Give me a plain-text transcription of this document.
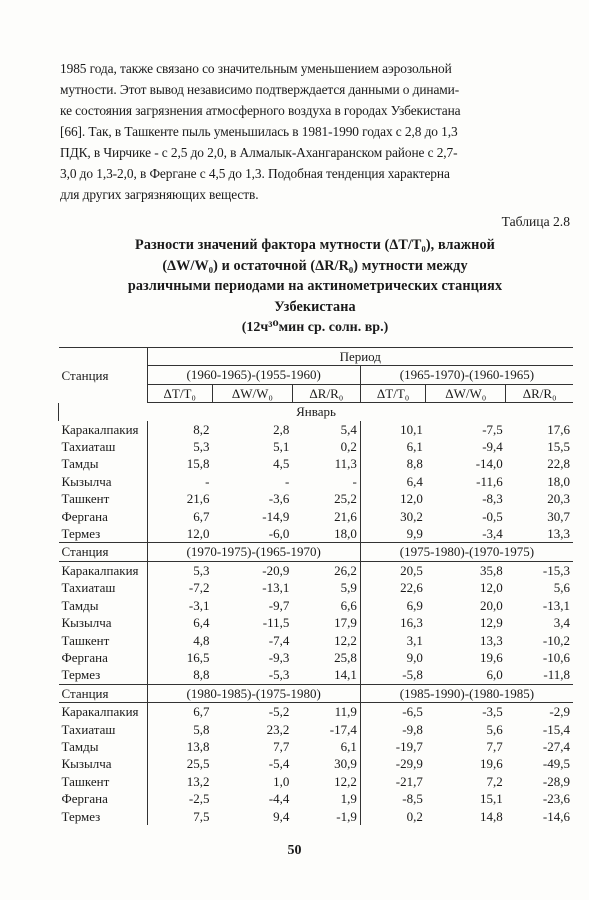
1985 года, также связано со значительным уменьшением аэрозольной
мутности. Этот вывод независимо подтверждается данными о динами-
ке состояния загрязнения атмосферного воздуха в городах Узбекистана
[66]. Так, в Ташкенте пыль уменьшилась в 1981-1990 годах с 2,8 до 1,3
ПДК, в Чирчике - с 2,5 до 2,0, в Алмалык-Ахангаранском районе с 2,7-
3,0 до 1,3-2,0, в Фергане с 4,5 до 1,3. Подобная тенденция характерна
для других загрязняющих веществ.

Таблица 2.8
Разности значений фактора мутности (ΔT/T₀), влажной
(ΔW/W₀) и остаточной (ΔR/R₀) мутности между
различными периодами на актинометрических станциях
Узбекистана
(12ч³⁰мин ср. солн. вр.)
Станция	Период					
	(1960-1965)-(1955-1960)			(1965-1970)-(1960-1965)		
	ΔT/T₀	ΔW/W₀	ΔR/R₀	ΔT/T₀	ΔW/W₀	ΔR/R₀
Январь						
Каракалпакия	8,2	2,8	5,4	10,1	-7,5	17,6
Тахиаташ	5,3	5,1	0,2	6,1	-9,4	15,5
Тамды	15,8	4,5	11,3	8,8	-14,0	22,8
Кызылча	-	-	-	6,4	-11,6	18,0
Ташкент	21,6	-3,6	25,2	12,0	-8,3	20,3
Фергана	6,7	-14,9	21,6	30,2	-0,5	30,7
Термез	12,0	-6,0	18,0	9,9	-3,4	13,3
Станция	(1970-1975)-(1965-1970)			(1975-1980)-(1970-1975)		
Каракалпакия	5,3	-20,9	26,2	20,5	35,8	-15,3
Тахиаташ	-7,2	-13,1	5,9	22,6	12,0	5,6
Тамды	-3,1	-9,7	6,6	6,9	20,0	-13,1
Кызылча	6,4	-11,5	17,9	16,3	12,9	3,4
Ташкент	4,8	-7,4	12,2	3,1	13,3	-10,2
Фергана	16,5	-9,3	25,8	9,0	19,6	-10,6
Термез	8,8	-5,3	14,1	-5,8	6,0	-11,8
Станция	(1980-1985)-(1975-1980)			(1985-1990)-(1980-1985)		
Каракалпакия	6,7	-5,2	11,9	-6,5	-3,5	-2,9
Тахиаташ	5,8	23,2	-17,4	-9,8	5,6	-15,4
Тамды	13,8	7,7	6,1	-19,7	7,7	-27,4
Кызылча	25,5	-5,4	30,9	-29,9	19,6	-49,5
Ташкент	13,2	1,0	12,2	-21,7	7,2	-28,9
Фергана	-2,5	-4,4	1,9	-8,5	15,1	-23,6
Термез	7,5	9,4	-1,9	0,2	14,8	-14,6
50
